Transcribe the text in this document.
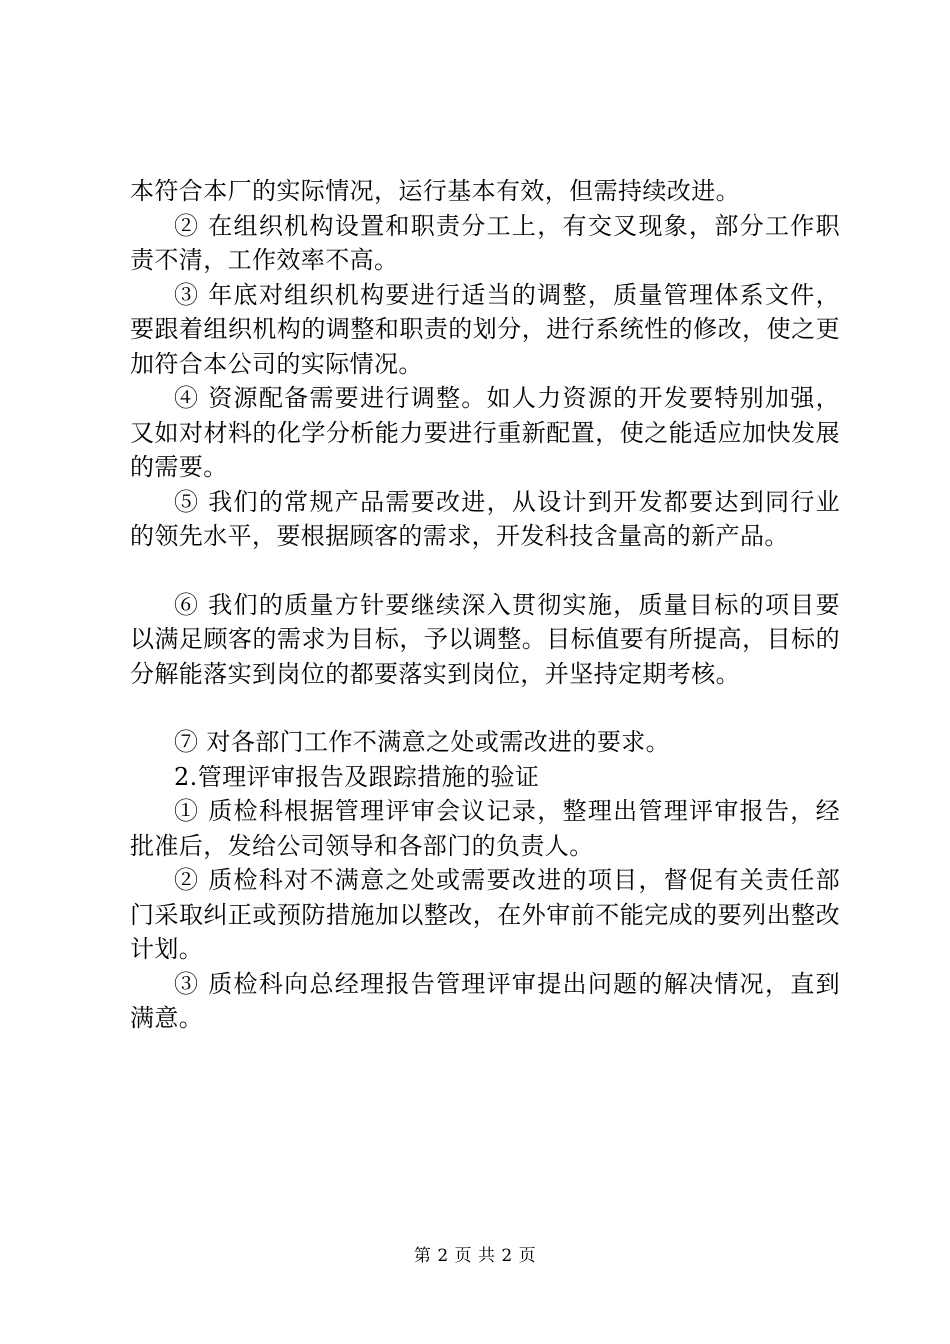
本符合本厂的实际情况，运行基本有效，但需持续改进。

② 在组织机构设置和职责分工上，有交叉现象，部分工作职责不清，工作效率不高。

③ 年底对组织机构要进行适当的调整，质量管理体系文件，要跟着组织机构的调整和职责的划分，进行系统性的修改，使之更加符合本公司的实际情况。

④ 资源配备需要进行调整。如人力资源的开发要特别加强，又如对材料的化学分析能力要进行重新配置，使之能适应加快发展的需要。

⑤ 我们的常规产品需要改进，从设计到开发都要达到同行业的领先水平，要根据顾客的需求，开发科技含量高的新产品。

⑥ 我们的质量方针要继续深入贯彻实施，质量目标的项目要以满足顾客的需求为目标，予以调整。目标值要有所提高，目标的分解能落实到岗位的都要落实到岗位，并坚持定期考核。

⑦ 对各部门工作不满意之处或需改进的要求。

2.管理评审报告及跟踪措施的验证

① 质检科根据管理评审会议记录，整理出管理评审报告，经批准后，发给公司领导和各部门的负责人。

② 质检科对不满意之处或需要改进的项目，督促有关责任部门采取纠正或预防措施加以整改，在外审前不能完成的要列出整改计划。

③ 质检科向总经理报告管理评审提出问题的解决情况，直到满意。

第 2 页 共 2 页
